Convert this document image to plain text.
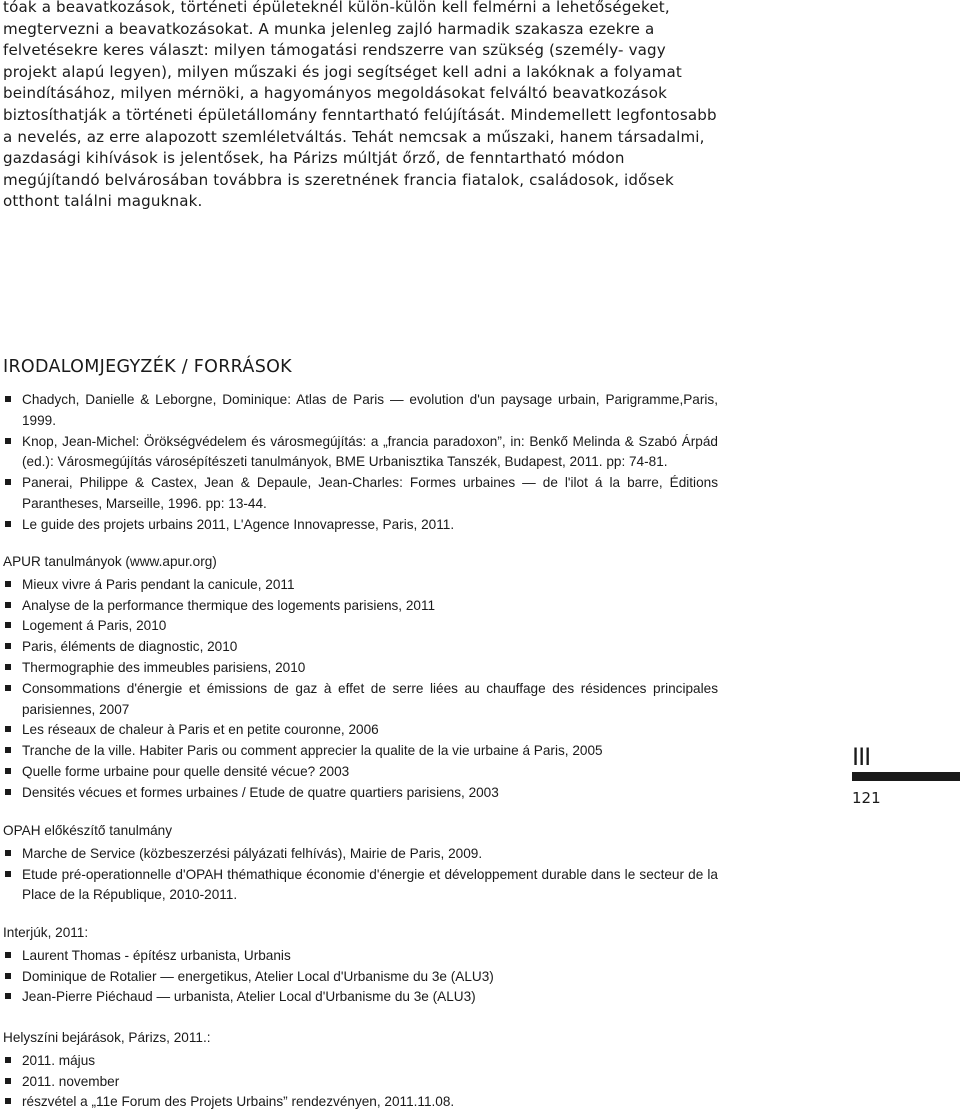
tóak a beavatkozások, történeti épületeknél külön-külön kell felmérni a lehetőségeket, megtervezni a beavatkozásokat. A munka jelenleg zajló harmadik szakasza ezekre a felvetésekre keres választ: milyen támogatási rendszerre van szükség (személy- vagy projekt alapú legyen), milyen műszaki és jogi segítséget kell adni a lakóknak a folyamat beindításához, milyen mérnöki, a hagyományos megoldásokat felváltó beavatkozások biztosíthatják a történeti épületállomány fenntartható felújítását. Mindemellett legfontosabb a nevelés, az erre alapozott szemléletváltás. Tehát nemcsak a műszaki, hanem társadalmi, gazdasági kihívások is jelentősek, ha Párizs múltját őrző, de fenntartható módon megújítandó belvárosában továbbra is szeretnének francia fiatalok, családosok, idősek otthont találni maguknak.

IRODALOMJEGYZÉK / FORRÁSOK
Chadych, Danielle & Leborgne, Dominique: Atlas de Paris — evolution d'un paysage urbain, Parigramme,Paris, 1999.
Knop, Jean-Michel: Örökségvédelem és városmegújítás: a „francia paradoxon”, in: Benkő Melinda & Szabó Árpád (ed.): Városmegújítás városépítészeti tanulmányok, BME Urbanisztika Tanszék, Budapest, 2011. pp: 74-81.
Panerai, Philippe & Castex, Jean & Depaule, Jean-Charles: Formes urbaines — de l'ilot á la barre, Éditions Parantheses, Marseille, 1996. pp: 13-44.
Le guide des projets urbains 2011, L'Agence Innovapresse, Paris, 2011.

APUR tanulmányok (www.apur.org)

Mieux vivre á Paris pendant la canicule, 2011
Analyse de la performance thermique des logements parisiens, 2011
Logement á Paris, 2010
Paris, éléments de diagnostic, 2010
Thermographie des immeubles parisiens, 2010
Consommations d'énergie et émissions de gaz à effet de serre liées au chauffage des résidences principales parisiennes, 2007
Les réseaux de chaleur à Paris et en petite couronne, 2006
Tranche de la ville. Habiter Paris ou comment apprecier la qualite de la vie urbaine á Paris, 2005
Quelle forme urbaine pour quelle densité vécue? 2003
Densités vécues et formes urbaines / Etude de quatre quartiers parisiens, 2003

OPAH előkészítő tanulmány

Marche de Service (közbeszerzési pályázati felhívás), Mairie de Paris, 2009.
Etude pré-operationnelle d'OPAH thémathique économie d'énergie et développement durable dans le secteur de la Place de la République, 2010-2011.

Interjúk, 2011:

Laurent Thomas - építész urbanista, Urbanis
Dominique de Rotalier — energetikus, Atelier Local d'Urbanisme du 3e (ALU3)
Jean-Pierre Piéchaud — urbanista, Atelier Local d'Urbanisme du 3e (ALU3)

Helyszíni bejárások, Párizs, 2011.:

2011. május
2011. november
részvétel a „11e Forum des Projets Urbains” rendezvényen, 2011.11.08.
III
121
